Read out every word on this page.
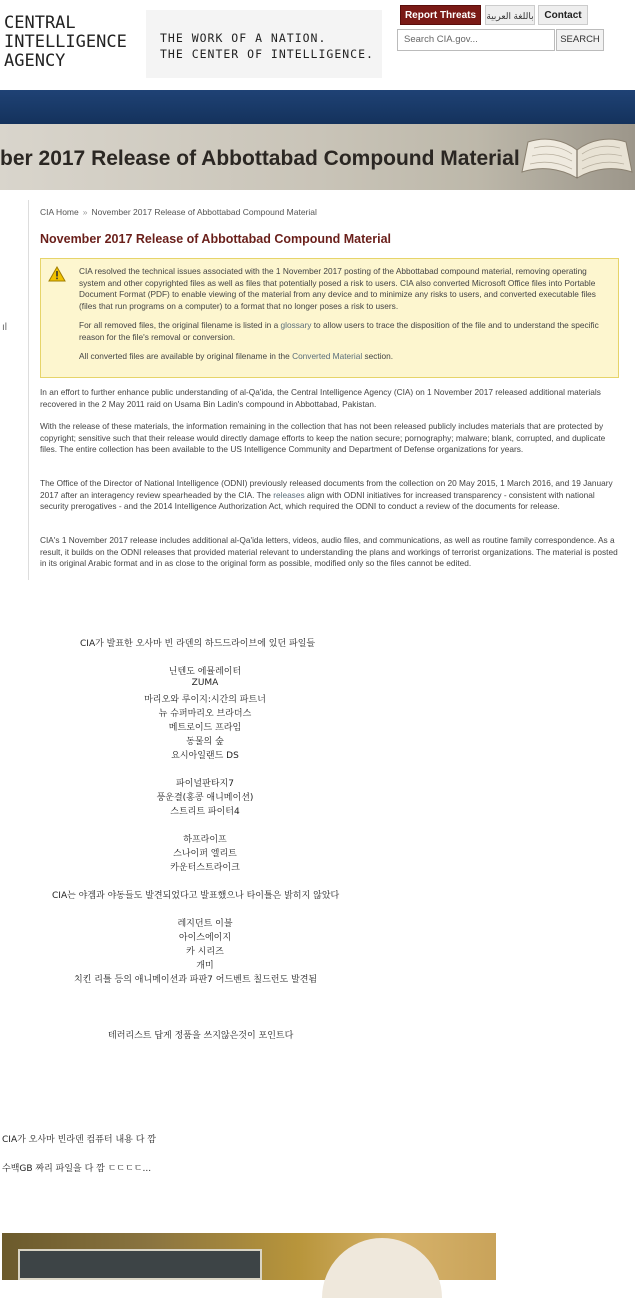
CENTRAL
INTELLIGENCE
AGENCY
THE WORK OF A NATION.
THE CENTER OF INTELLIGENCE.
Report Threats	باللغة العربية	Contact
Search CIA.gov...	SEARCH
ber 2017 Release of Abbottabad Compound Material
ıl
CIA Home » November 2017 Release of Abbottabad Compound Material
November 2017 Release of Abbottabad Compound Material

CIA resolved the technical issues associated with the 1 November 2017 posting of the Abbottabad compound material, removing operating system and other copyrighted files as well as files that potentially posed a risk to users. CIA also converted Microsoft Office files into Portable Document Format (PDF) to enable viewing of the material from any device and to minimize any risks to users, and converted executable files (files that run programs on a computer) to a format that no longer poses a risk to users.

For all removed files, the original filename is listed in a glossary to allow users to trace the disposition of the file and to understand the specific reason for the file's removal or conversion.

All converted files are available by original filename in the Converted Material section.

In an effort to further enhance public understanding of al-Qa'ida, the Central Intelligence Agency (CIA) on 1 November 2017 released additional materials recovered in the 2 May 2011 raid on Usama Bin Ladin's compound in Abbottabad, Pakistan.
With the release of these materials, the information remaining in the collection that has not been released publicly includes materials that are protected by copyright; sensitive such that their release would directly damage efforts to keep the nation secure; pornography; malware; blank, corrupted, and duplicate files. The entire collection has been available to the US Intelligence Community and Department of Defense organizations for years.
The Office of the Director of National Intelligence (ODNI) previously released documents from the collection on 20 May 2015, 1 March 2016, and 19 January 2017 after an interagency review spearheaded by the CIA. The releases align with ODNI initiatives for increased transparency - consistent with national security prerogatives - and the 2014 Intelligence Authorization Act, which required the ODNI to conduct a review of the documents for release.
CIA's 1 November 2017 release includes additional al-Qa'ida letters, videos, audio files, and communications, as well as routine family correspondence. As a result, it builds on the ODNI releases that provided material relevant to understanding the plans and workings of terrorist organizations. The material is posted in its original Arabic format and in as close to the original form as possible, modified only so the files cannot be edited.
CIA가 발표한 오사마 빈 라덴의 하드드라이브에 있던 파일들
닌텐도 에뮬레이터
ZUMA
마리오와 루이지:시간의 파트너
뉴 슈퍼마리오 브라더스
메트로이드 프라임
동물의 숲
요시아일랜드 DS
파이널판타지7
풍운결(홍콩 애니메이션)
스트리트 파이터4
하프라이프
스나이퍼 엘리트
카운터스트라이크
CIA는 야겜과 야동들도 발견되었다고 발표했으나 타이틀은 밝히지 않았다
레지던트 이블
아이스에이지
카 시리즈
개미
치킨 리틀 등의 애니메이션과 파판7 어드벤트 칠드런도 발견됨
테러리스트 답게 정품을 쓰지않은것이 포인트다
CIA가 오사마 빈라덴 컴퓨터 내용 다 깜
수백GB 짜리 파일을 다 깜 ㄷㄷㄷㄷ...
